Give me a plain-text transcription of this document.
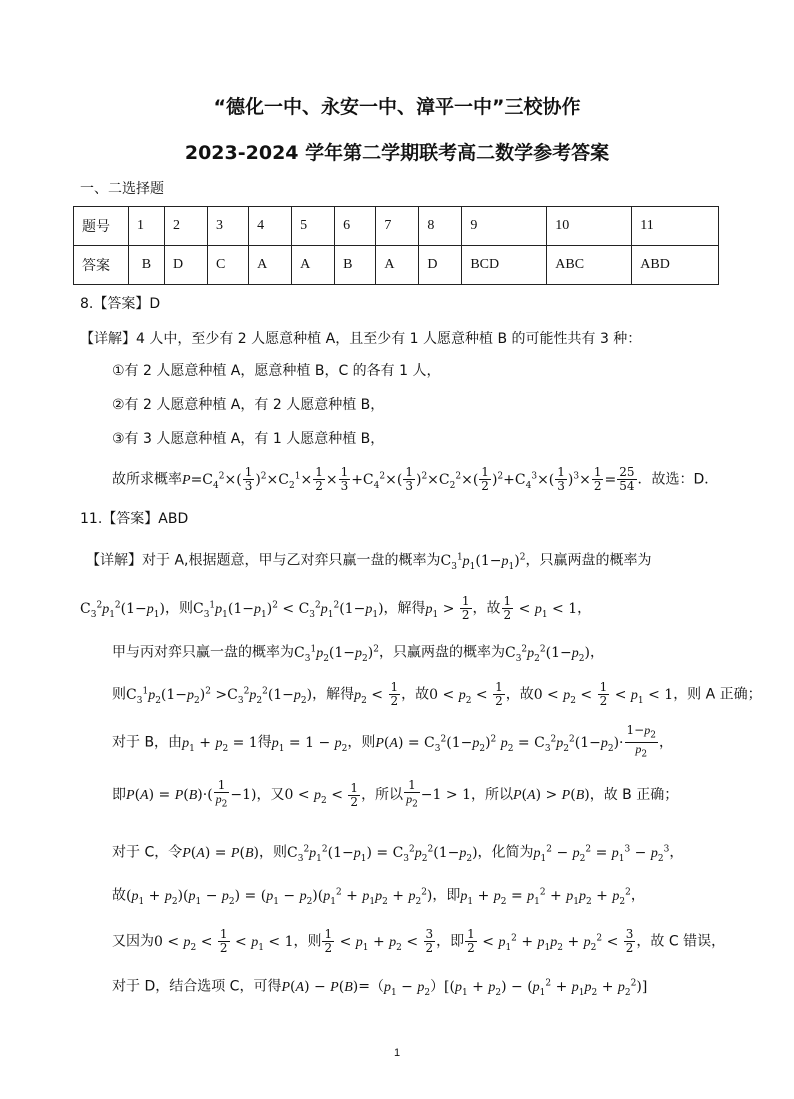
“德化一中、永安一中、漳平一中”三校协作
2023-2024 学年第二学期联考高二数学参考答案
一、二选择题
题号	1	2	3	4	5	6	7	8	9	10	11
答案	B	D	C	A	A	B	A	D	BCD	ABC	ABD
8.【答案】D
【详解】4 人中，至少有 2 人愿意种植 A，且至少有 1 人愿意种植 B 的可能性共有 3 种：
①有 2 人愿意种植 A，愿意种植 B，C 的各有 1 人，
②有 2 人愿意种植 A，有 2 人愿意种植 B，
③有 3 人愿意种植 A，有 1 人愿意种植 B，
故所求概率$P=C_4^2\times( \frac{1}{3} )^2\times C_2^1\times \frac{1}{2} \times \frac{1}{3} +C_4^2\times( \frac{1}{3} )^2\times C_2^2\times( \frac{1}{2} )^2+C_4^3\times( \frac{1}{3} )^3\times \frac{1}{2} = \frac{25}{54}$ ．故选：D．
11.【答案】ABD
【详解】对于 A,根据题意，甲与乙对弈只赢一盘的概率为$C_3^1p_1(1-p_1)^2$，只赢两盘的概率为
$C_3^2p_1^2(1-p_1)$，则$C_3^1p_1(1-p_1)^2 < C_3^2p_1^2(1-p_1)$，解得$p_1 > \frac{1}{2}$ ，故 $\frac{1}{2} < p_1 < 1$，
甲与丙对弈只赢一盘的概率为$C_3^1p_2(1-p_2)^2$，只赢两盘的概率为$C_3^2p_2^2(1-p_2)$，
则$C_3^1p_2(1-p_2)^2 >C_3^2p_2^2(1-p_2)$，解得$p_2 < \frac{1}{2}$ ，故$0 < p_2 < \frac{1}{2}$ ，故$0 < p_2 < \frac{1}{2} < p_1 < 1$，则 A 正确；
对于 B，由$p_1 + p_2 = 1$得$p_1 = 1 - p_2$，则$P(A) = C_3^2(1-p_2)^2$ $p_2 = C_3^2p_2^2(1-p_2)\cdot \frac{1-p_2}{p_2}$ ，
即$P(A) = P(B)\cdot( \frac{1}{p_2} -1)$，又$0 < p_2 < \frac{1}{2}$ ，所以 $\frac{1}{p_2} -1 > 1$，所以P(A) > P(B)，故 B 正确；
对于 C，令P(A) = P(B)，则$C_3^2p_1^2(1-p_1) = C_3^2p_2^2(1-p_2)$，化简为$p_1^2 - p_2^2 = p_1^3 - p_2^3$，
故$(p_1 + p_2)(p_1 - p_2) = (p_1 - p_2)(p_1^2 + p_1p_2 + p_2^2)$，即$p_1 + p_2 = p_1^2 + p_1p_2 + p_2^2$，
又因为$0 < p_2 < \frac{1}{2} < p_1 < 1$，则 $\frac{1}{2} < p_1 + p_2 < \frac{3}{2}$ ，即 $\frac{1}{2} < p_1^2 + p_1p_2 + p_2^2 < \frac{3}{2}$ ，故 C 错误，
对于 D，结合选项 C，可得$P(A) - P(B)=(p_1 - p_2)[(p_1 + p_2) - (p_1^2 + p_1p_2 + p_2^2)]$
1
